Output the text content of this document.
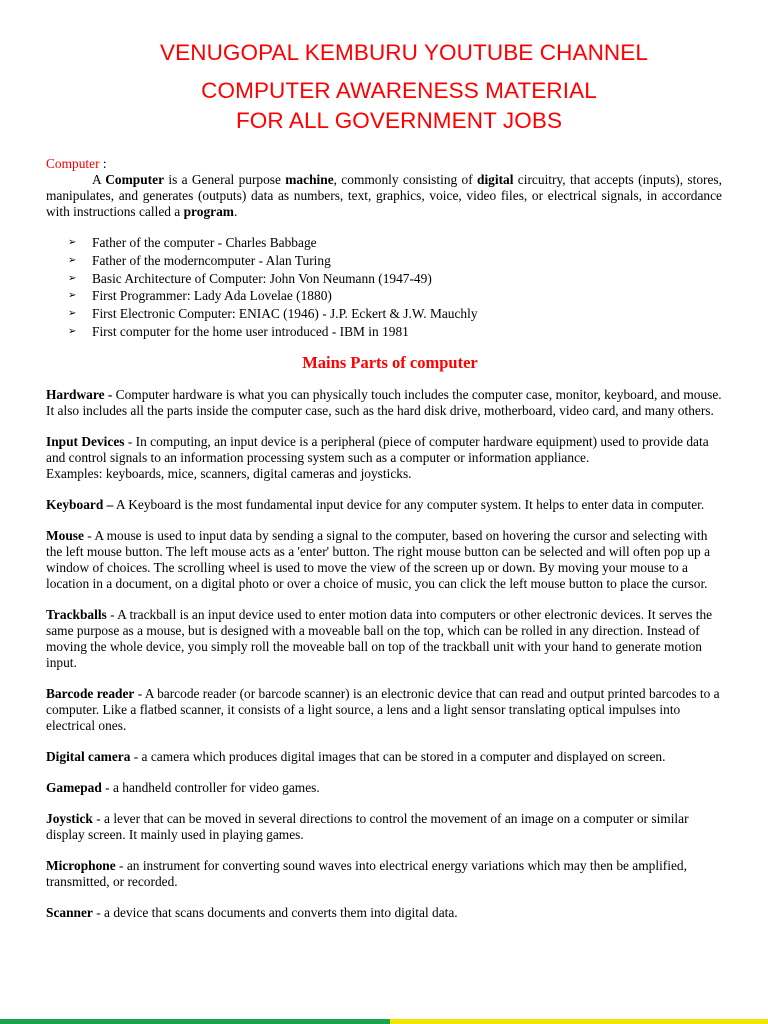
VENUGOPAL KEMBURU YOUTUBE CHANNEL
COMPUTER AWARENESS MATERIAL
FOR ALL GOVERNMENT JOBS
Computer :
A Computer is a General purpose machine, commonly consisting of digital circuitry, that accepts (inputs), stores, manipulates, and generates (outputs) data as numbers, text, graphics, voice, video files, or electrical signals, in accordance with instructions called a program.
➢ Father of the computer - Charles Babbage
➢ Father of the moderncomputer - Alan Turing
➢ Basic Architecture of Computer: John Von Neumann (1947-49)
➢ First Programmer: Lady Ada Lovelae (1880)
➢ First Electronic Computer: ENIAC (1946) - J.P. Eckert & J.W. Mauchly
➢ First computer for the home user introduced - IBM in 1981
Mains Parts of computer
Hardware - Computer hardware is what you can physically touch includes the computer case, monitor, keyboard, and mouse. It also includes all the parts inside the computer case, such as the hard disk drive, motherboard, video card, and many others.
Input Devices - In computing, an input device is a peripheral (piece of computer hardware equipment) used to provide data and control signals to an information processing system such as a computer or information appliance.
Examples: keyboards, mice, scanners, digital cameras and joysticks.
Keyboard – A Keyboard is the most fundamental input device for any computer system. It helps to enter data in computer.
Mouse - A mouse is used to input data by sending a signal to the computer, based on hovering the cursor and selecting with the left mouse button. The left mouse acts as a 'enter' button. The right mouse button can be selected and will often pop up a window of choices. The scrolling wheel is used to move the view of the screen up or down. By moving your mouse to a location in a document, on a digital photo or over a choice of music, you can click the left mouse button to place the cursor.
Trackballs - A trackball is an input device used to enter motion data into computers or other electronic devices. It serves the same purpose as a mouse, but is designed with a moveable ball on the top, which can be rolled in any direction. Instead of moving the whole device, you simply roll the moveable ball on top of the trackball unit with your hand to generate motion input.
Barcode reader - A barcode reader (or barcode scanner) is an electronic device that can read and output printed barcodes to a computer. Like a flatbed scanner, it consists of a light source, a lens and a light sensor translating optical impulses into electrical ones.
Digital camera - a camera which produces digital images that can be stored in a computer and displayed on screen.
Gamepad - a handheld controller for video games.
Joystick - a lever that can be moved in several directions to control the movement of an image on a computer or similar display screen. It mainly used in playing games.
Microphone - an instrument for converting sound waves into electrical energy variations which may then be amplified, transmitted, or recorded.
Scanner - a device that scans documents and converts them into digital data.
